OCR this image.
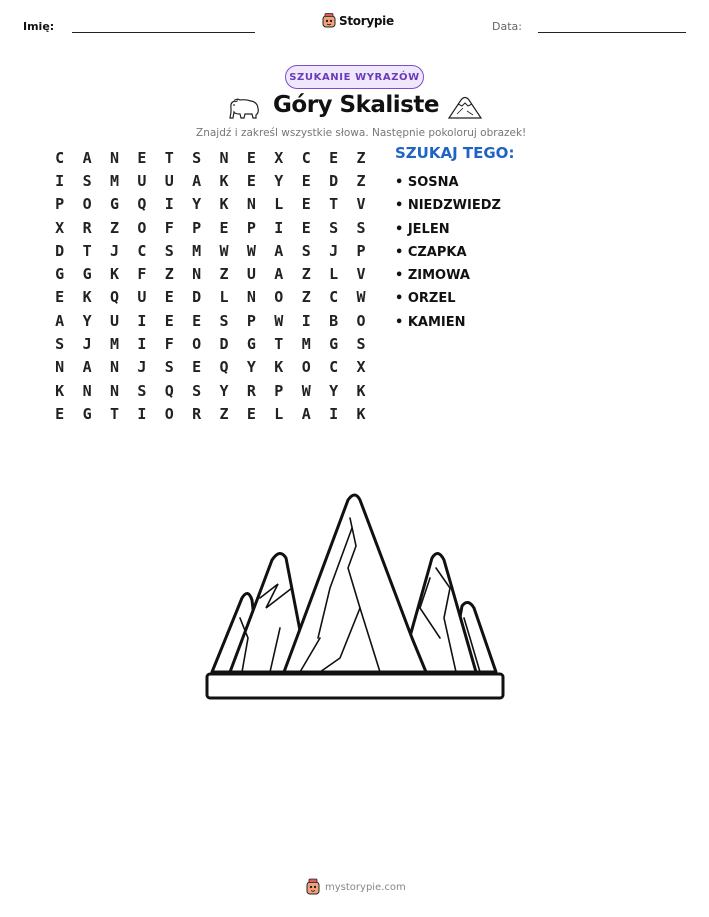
Imię:	Storypie	Data:
SZUKANIE WYRAZÓW
Góry Skaliste
Znajdź i zakreśl wszystkie słowa. Następnie pokoloruj obrazek!
C	A	N	E	T	S	N	E	X	C	E	Z
I	S	M	U	U	A	K	E	Y	E	D	Z
P	O	G	Q	I	Y	K	N	L	E	T	V
X	R	Z	O	F	P	E	P	I	E	S	S
D	T	J	C	S	M	W	W	A	S	J	P
G	G	K	F	Z	N	Z	U	A	Z	L	V
E	K	Q	U	E	D	L	N	O	Z	C	W
A	Y	U	I	E	E	S	P	W	I	B	O
S	J	M	I	F	O	D	G	T	M	G	S
N	A	N	J	S	E	Q	Y	K	O	C	X
K	N	N	S	Q	S	Y	R	P	W	Y	K
E	G	T	I	O	R	Z	E	L	A	I	K
SZUKAJ TEGO:
• SOSNA
• NIEDZWIEDZ
• JELEN
• CZAPKA
• ZIMOWA
• ORZEL
• KAMIEN
mystorypie.com
